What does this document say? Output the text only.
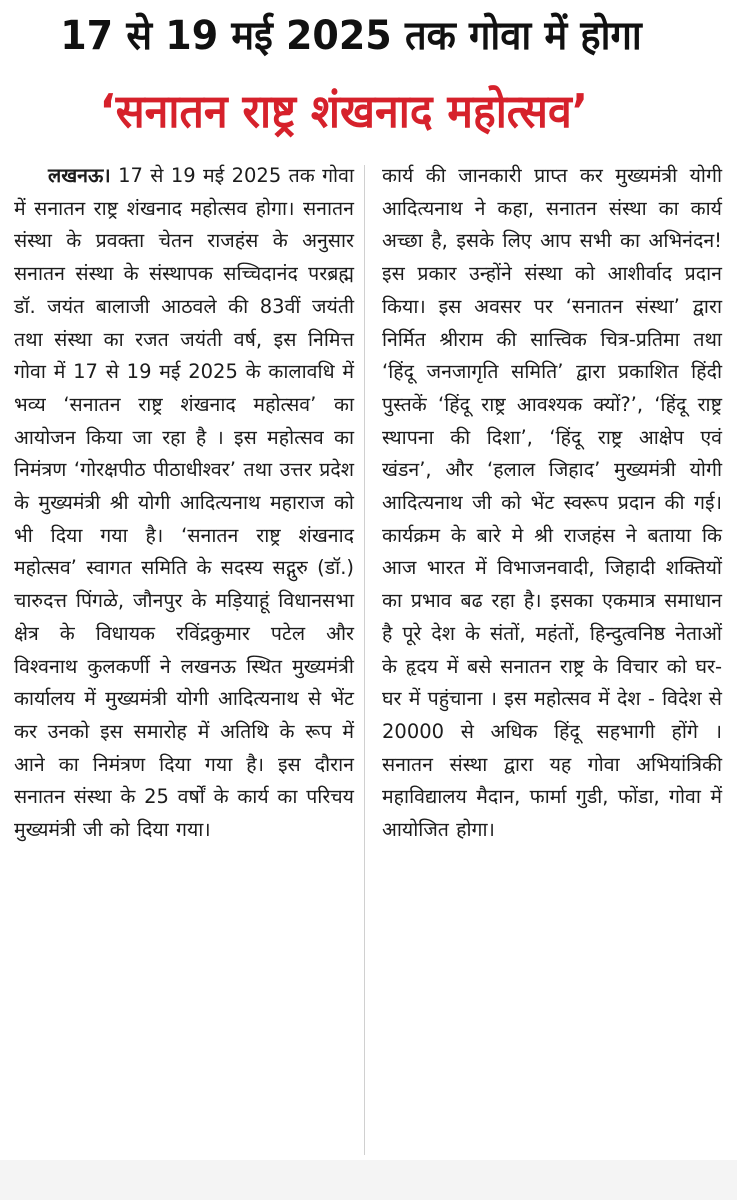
17 से 19 मई 2025 तक गोवा में होगा
‘सनातन राष्ट्र शंखनाद महोत्सव’

लखनऊ। 17 से 19 मई 2025 तक गोवा में सनातन राष्ट्र शंखनाद महोत्सव होगा। सनातन संस्था के प्रवक्ता चेतन राजहंस के अनुसार सनातन संस्था के संस्थापक सच्चिदानंद परब्रह्म डॉ. जयंत बालाजी आठवले की 83वीं जयंती तथा संस्था का रजत जयंती वर्ष, इस निमित्त गोवा में 17 से 19 मई 2025 के कालावधि में भव्य ‘सनातन राष्ट्र शंखनाद महोत्सव’ का आयोजन किया जा रहा है । इस महोत्सव का निमंत्रण ‘गोरक्षपीठ पीठाधीश्वर’ तथा उत्तर प्रदेश के मुख्यमंत्री श्री योगी आदित्यनाथ महाराज को भी दिया गया है। ‘सनातन राष्ट्र शंखनाद महोत्सव’ स्वागत समिति के सदस्य सद्गुरु (डॉ.) चारुदत्त पिंगळे, जौनपुर के मड़ियाहूं विधानसभा क्षेत्र के विधायक रविंद्रकुमार पटेल और विश्वनाथ कुलकर्णी ने लखनऊ स्थित मुख्यमंत्री कार्यालय में मुख्यमंत्री योगी आदित्यनाथ से भेंट कर उनको इस समारोह में अतिथि के रूप में आने का निमंत्रण दिया गया है। इस दौरान सनातन संस्था के 25 वर्षों के कार्य का परिचय मुख्यमंत्री जी को दिया गया।

कार्य की जानकारी प्राप्त कर मुख्यमंत्री योगी आदित्यनाथ ने कहा, सनातन संस्था का कार्य अच्छा है, इसके लिए आप सभी का अभिनंदन! इस प्रकार उन्होंने संस्था को आशीर्वाद प्रदान किया। इस अवसर पर ‘सनातन संस्था’ द्वारा निर्मित श्रीराम की सात्त्विक चित्र-प्रतिमा तथा ‘हिंदू जनजागृति समिति’ द्वारा प्रकाशित हिंदी पुस्तकें ‘हिंदू राष्ट्र आवश्यक क्यों?’, ‘हिंदू राष्ट्र स्थापना की दिशा’, ‘हिंदू राष्ट्र आक्षेप एवं खंडन’, और ‘हलाल जिहाद’ मुख्यमंत्री योगी आदित्यनाथ जी को भेंट स्वरूप प्रदान की गई। कार्यक्रम के बारे मे श्री राजहंस ने बताया कि आज भारत में विभाजनवादी, जिहादी शक्तियों का प्रभाव बढ रहा है। इसका एकमात्र समाधान है पूरे देश के संतों, महंतों, हिन्दुत्वनिष्ठ नेताओं के हृदय में बसे सनातन राष्ट्र के विचार को घर-घर में पहुंचाना । इस महोत्सव में देश - विदेश से 20000 से अधिक हिंदू सहभागी होंगे । सनातन संस्था द्वारा यह गोवा अभियांत्रिकी महाविद्यालय मैदान, फार्मा गुडी, फोंडा, गोवा में आयोजित होगा।
